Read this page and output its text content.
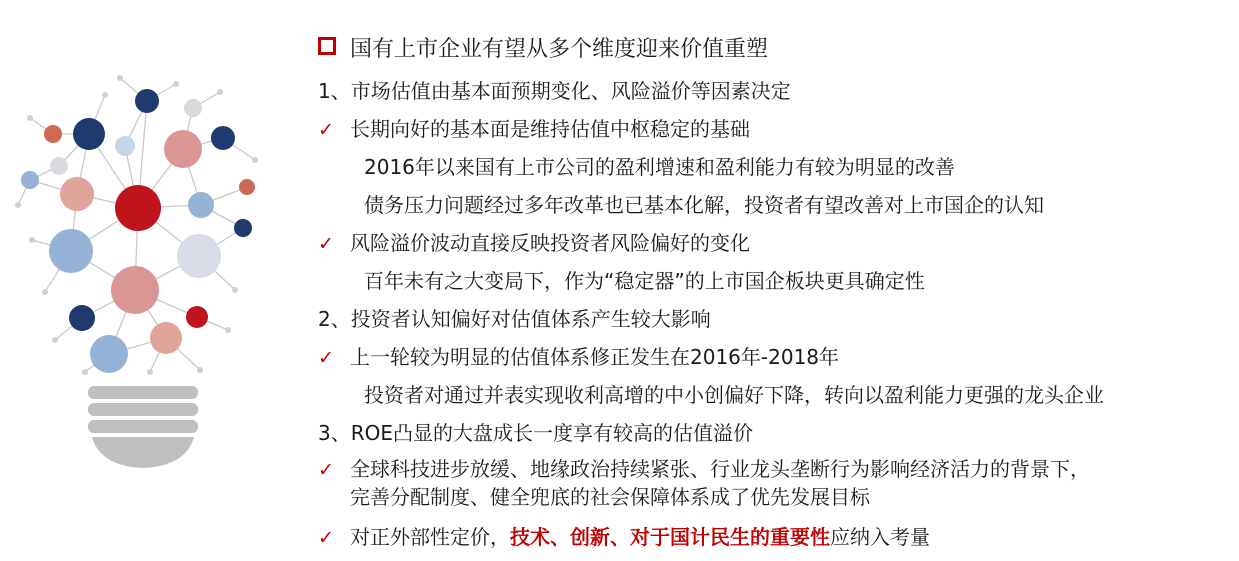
国有上市企业有望从多个维度迎来价值重塑
1、市场估值由基本面预期变化、风险溢价等因素决定
✓ 长期向好的基本面是维持估值中枢稳定的基础
2016年以来国有上市公司的盈利增速和盈利能力有较为明显的改善
债务压力问题经过多年改革也已基本化解，投资者有望改善对上市国企的认知
✓ 风险溢价波动直接反映投资者风险偏好的变化
百年未有之大变局下，作为“稳定器”的上市国企板块更具确定性
2、投资者认知偏好对估值体系产生较大影响
✓ 上一轮较为明显的估值体系修正发生在2016年-2018年
投资者对通过并表实现收利高增的中小创偏好下降，转向以盈利能力更强的龙头企业
3、ROE凸显的大盘成长一度享有较高的估值溢价
✓ 全球科技进步放缓、地缘政治持续紧张、行业龙头垄断行为影响经济活力的背景下，
完善分配制度、健全兜底的社会保障体系成了优先发展目标
✓ 对正外部性定价，技术、创新、对于国计民生的重要性应纳入考量
